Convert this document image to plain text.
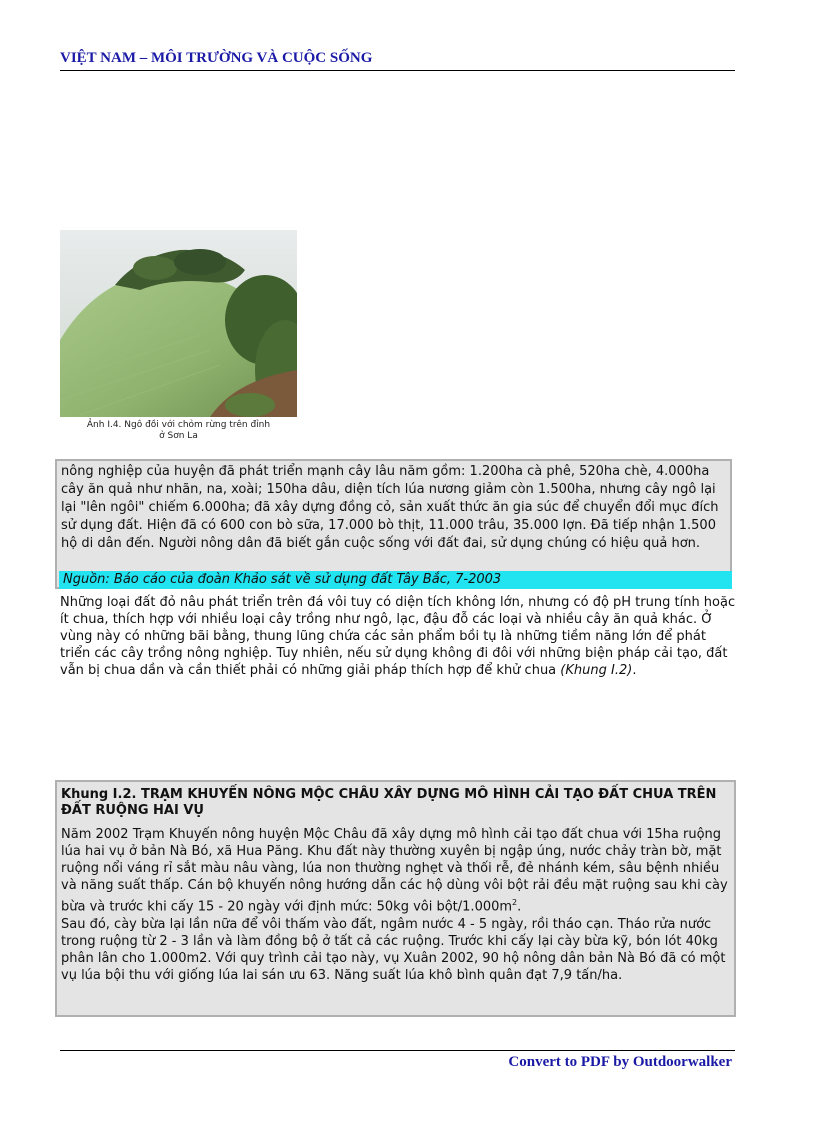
VIỆT NAM – MÔI TRƯỜNG VÀ CUỘC SỐNG
Ảnh I.4. Ngô đồi với chỏm rừng trên đỉnh
ở Sơn La
nông nghiệp của huyện đã phát triển mạnh cây lâu năm gồm: 1.200ha cà phê, 520ha chè, 4.000ha cây ăn quả như nhãn, na, xoài; 150ha dâu, diện tích lúa nương giảm còn 1.500ha, nhưng cây ngô lại lại "lên ngôi" chiếm 6.000ha; đã xây dựng đồng cỏ, sản xuất thức ăn gia súc để chuyển đổi mục đích sử dụng đất. Hiện đã có 600 con bò sữa, 17.000 bò thịt, 11.000 trâu, 35.000 lợn. Đã tiếp nhận 1.500 hộ di dân đến. Người nông dân đã biết gắn cuộc sống với đất đai, sử dụng chúng có hiệu quả hơn.
Nguồn: Báo cáo của đoàn Khảo sát về sử dụng đất Tây Bắc, 7-2003
Những loại đất đỏ nâu phát triển trên đá vôi tuy có diện tích không lớn, nhưng có độ pH trung tính hoặc ít chua, thích hợp với nhiều loại cây trồng như ngô, lạc, đậu đỗ các loại và nhiều cây ăn quả khác. Ở vùng này có những bãi bằng, thung lũng chứa các sản phẩm bồi tụ là những tiềm năng lớn để phát triển các cây trồng nông nghiệp. Tuy nhiên, nếu sử dụng không đi đôi với những biện pháp cải tạo, đất vẫn bị chua dần và cần thiết phải có những giải pháp thích hợp để khử chua (Khung I.2).
Khung I.2. TRẠM KHUYẾN NÔNG MỘC CHÂU XÂY DỰNG MÔ HÌNH CẢI TẠO ĐẤT CHUA TRÊN ĐẤT RUỘNG HAI VỤ
Năm 2002 Trạm Khuyến nông huyện Mộc Châu đã xây dựng mô hình cải tạo đất chua với 15ha ruộng lúa hai vụ ở bản Nà Bó, xã Hua Păng. Khu đất này thường xuyên bị ngập úng, nước chảy tràn bờ, mặt ruộng nổi váng rỉ sắt màu nâu vàng, lúa non thường nghẹt và thối rễ, đẻ nhánh kém, sâu bệnh nhiều và năng suất thấp. Cán bộ khuyến nông hướng dẫn các hộ dùng vôi bột rải đều mặt ruộng sau khi cày bừa và trước khi cấy 15 - 20 ngày với định mức: 50kg vôi bột/$1.000m^2$.
Sau đó, cày bừa lại lần nữa để vôi thấm vào đất, ngâm nước 4 - 5 ngày, rồi tháo cạn. Tháo rửa nước trong ruộng từ 2 - 3 lần và làm đồng bộ ở tất cả các ruộng. Trước khi cấy lại cày bừa kỹ, bón lót 40kg phân lân cho 1.000m2. Với quy trình cải tạo này, vụ Xuân 2002, 90 hộ nông dân bản Nà Bó đã có một vụ lúa bội thu với giống lúa lai sán ưu 63. Năng suất lúa khô bình quân đạt 7,9 tấn/ha.
Convert to PDF by Outdoorwalker
